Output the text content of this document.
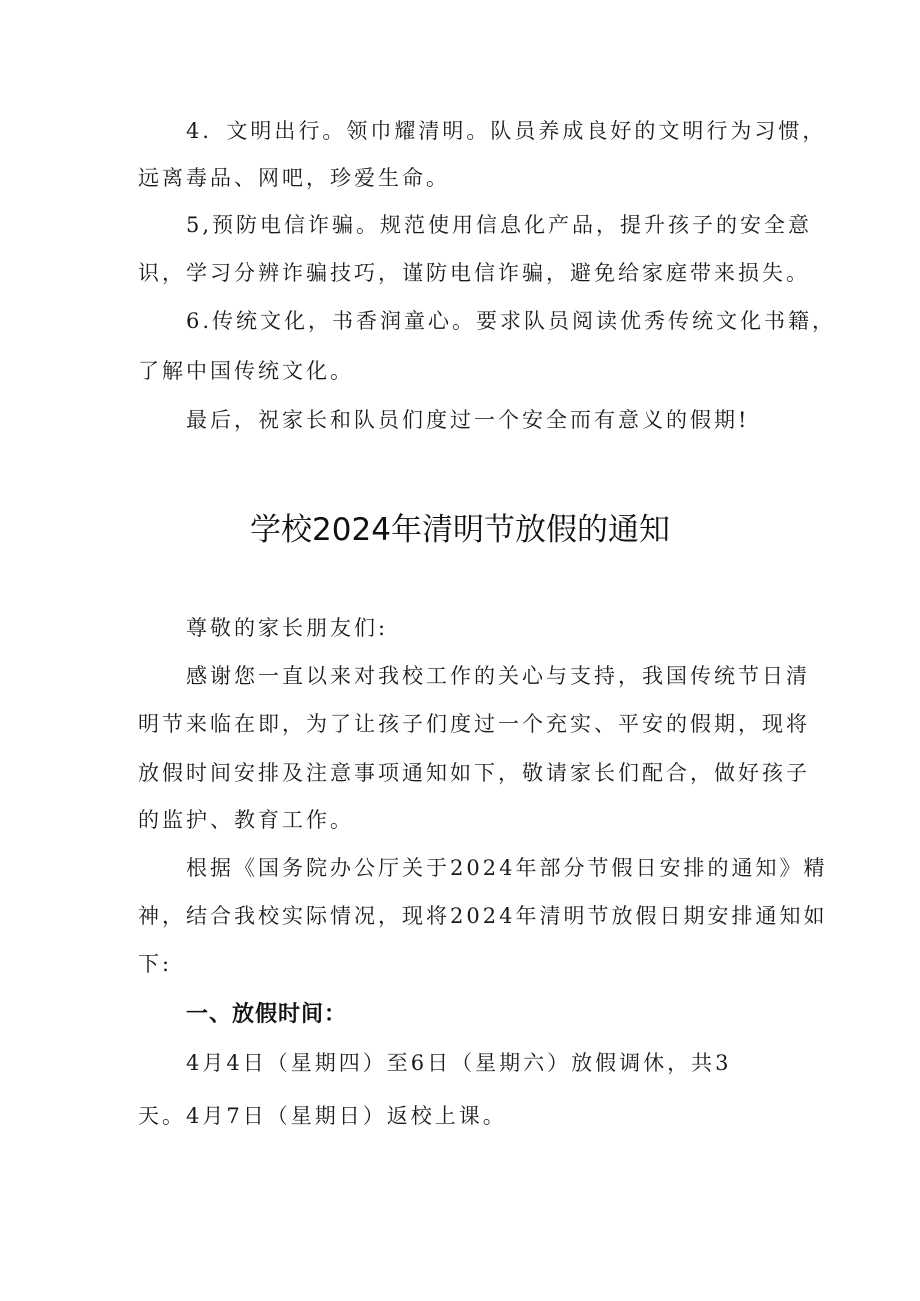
4．文明出行。领巾耀清明。队员养成良好的文明行为习惯，
远离毒品、网吧，珍爱生命。
5,预防电信诈骗。规范使用信息化产品，提升孩子的安全意
识，学习分辨诈骗技巧，谨防电信诈骗，避免给家庭带来损失。
6.传统文化，书香润童心。要求队员阅读优秀传统文化书籍，
了解中国传统文化。
最后，祝家长和队员们度过一个安全而有意义的假期!
学校2024年清明节放假的通知
尊敬的家长朋友们:
感谢您一直以来对我校工作的关心与支持，我国传统节日清
明节来临在即，为了让孩子们度过一个充实、平安的假期，现将
放假时间安排及注意事项通知如下，敬请家长们配合，做好孩子
的监护、教育工作。
根据《国务院办公厅关于2024年部分节假日安排的通知》精
神，结合我校实际情况，现将2024年清明节放假日期安排通知如
下:
一、放假时间：
4月4日（星期四）至6日（星期六）放假调休，共3
天。4月7日（星期日）返校上课。
